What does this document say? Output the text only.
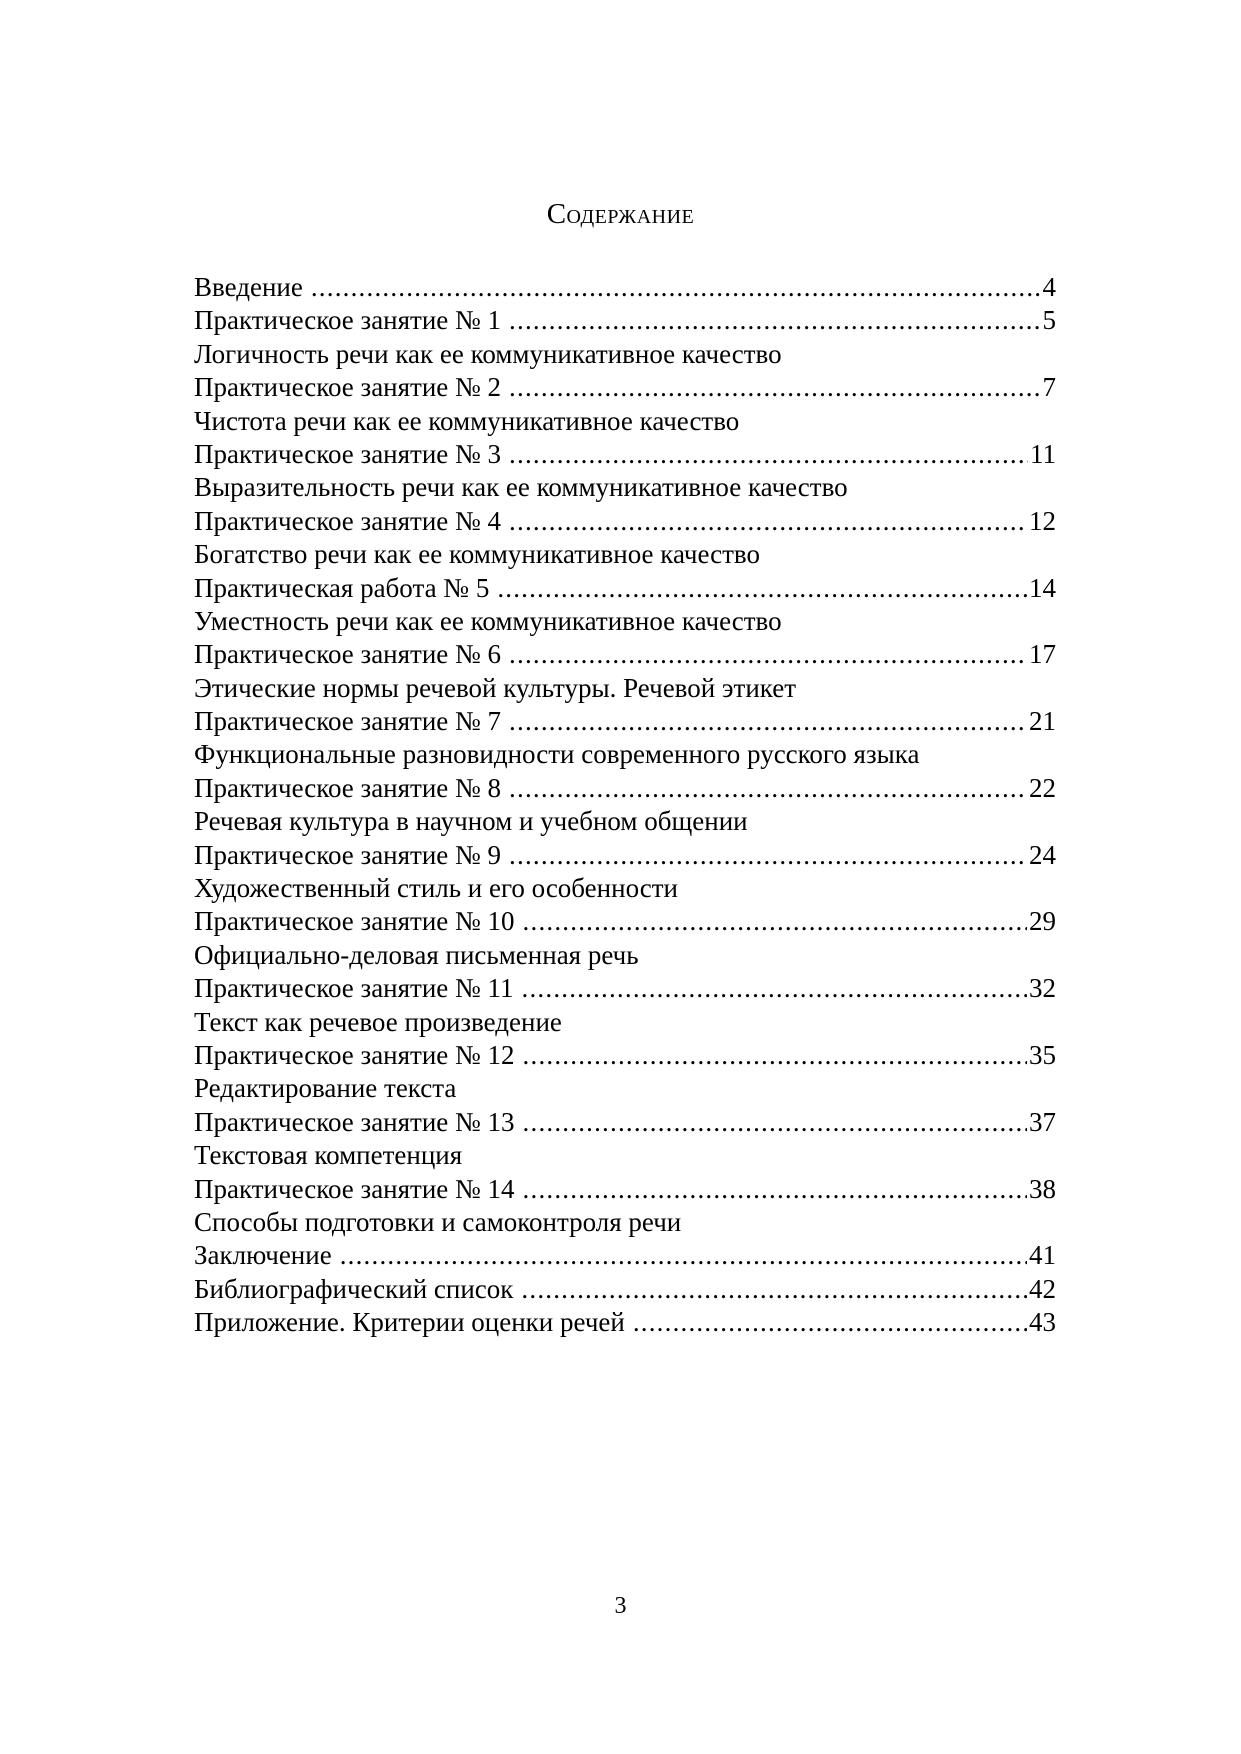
Содержание
Введение .....	4
Практическое занятие № 1 .....	5
Логичность речи как ее коммуникативное качество
Практическое занятие № 2 .....	7
Чистота речи как ее коммуникативное качество
Практическое занятие № 3 .....	11
Выразительность речи как ее коммуникативное качество
Практическое занятие № 4 .....	12
Богатство речи как ее коммуникативное качество
Практическая работа № 5 .....	14
Уместность речи как ее коммуникативное качество
Практическое занятие № 6 .....	17
Этические нормы речевой культуры. Речевой этикет
Практическое занятие № 7 .....	21
Функциональные разновидности современного русского языка
Практическое занятие № 8 .....	22
Речевая культура в научном и учебном общении
Практическое занятие № 9 .....	24
Художественный стиль и его особенности
Практическое занятие № 10 .....	29
Официально-деловая письменная речь
Практическое занятие № 11 .....	32
Текст как речевое произведение
Практическое занятие № 12 .....	35
Редактирование текста
Практическое занятие № 13 .....	37
Текстовая компетенция
Практическое занятие № 14 .....	38
Способы подготовки и самоконтроля речи
Заключение .....	41
Библиографический список .....	42
Приложение. Критерии оценки речей .....	43
3
